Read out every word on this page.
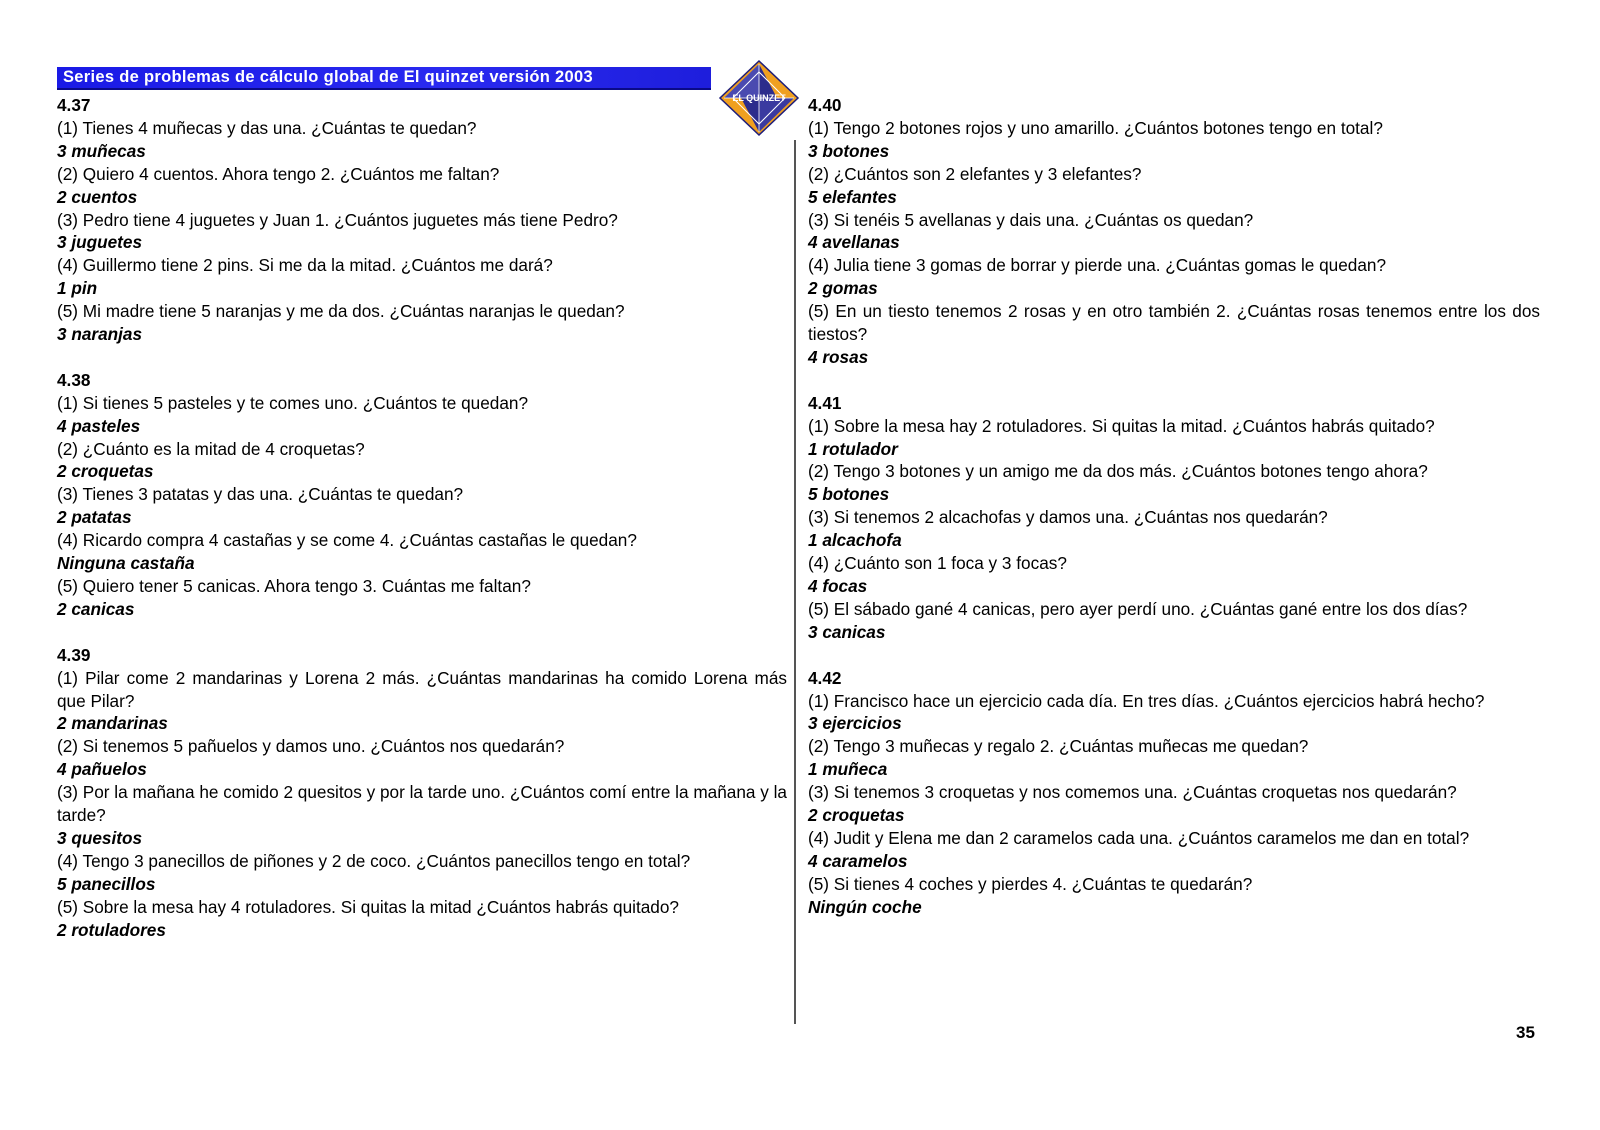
Series de problemas de cálculo global de El quinzet versión 2003
EL QUINZET
4.37
(1) Tienes 4 muñecas y das una. ¿Cuántas te quedan?
3 muñecas
(2) Quiero 4 cuentos. Ahora tengo 2. ¿Cuántos me faltan?
2 cuentos
(3) Pedro tiene 4 juguetes y Juan 1. ¿Cuántos juguetes más tiene Pedro?
3 juguetes
(4) Guillermo tiene 2 pins. Si me da la mitad. ¿Cuántos me dará?
1 pin
(5) Mi madre tiene 5 naranjas y me da dos. ¿Cuántas naranjas le quedan?
3 naranjas
4.38
(1) Si tienes 5 pasteles y te comes uno. ¿Cuántos te quedan?
4 pasteles
(2) ¿Cuánto es la mitad de 4 croquetas?
2 croquetas
(3) Tienes 3 patatas y das una. ¿Cuántas te quedan?
2 patatas
(4) Ricardo compra 4 castañas y se come 4. ¿Cuántas castañas le quedan?
Ninguna castaña
(5) Quiero tener 5 canicas. Ahora tengo 3. Cuántas me faltan?
2 canicas
4.39
(1) Pilar come 2 mandarinas y Lorena 2 más. ¿Cuántas mandarinas ha comido Lorena más que Pilar?
2 mandarinas
(2) Si tenemos 5 pañuelos y damos uno. ¿Cuántos nos quedarán?
4 pañuelos
(3) Por la mañana he comido 2 quesitos y por la tarde uno. ¿Cuántos comí entre la mañana y la tarde?
3 quesitos
(4) Tengo 3 panecillos de piñones y 2 de coco. ¿Cuántos panecillos tengo en total?
5 panecillos
(5) Sobre la mesa hay 4 rotuladores. Si quitas la mitad ¿Cuántos habrás quitado?
2 rotuladores
4.40
(1) Tengo 2 botones rojos y uno amarillo. ¿Cuántos botones tengo en total?
3 botones
(2) ¿Cuántos son 2 elefantes y 3 elefantes?
5 elefantes
(3) Si tenéis 5 avellanas y dais una. ¿Cuántas os quedan?
4 avellanas
(4) Julia tiene 3 gomas de borrar y pierde una. ¿Cuántas gomas le quedan?
2 gomas
(5) En un tiesto tenemos 2 rosas y en otro también 2. ¿Cuántas rosas tenemos entre los dos tiestos?
4 rosas
4.41
(1) Sobre la mesa hay 2 rotuladores. Si quitas la mitad. ¿Cuántos habrás quitado?
1 rotulador
(2) Tengo 3 botones y un amigo me da dos más. ¿Cuántos botones tengo ahora?
5 botones
(3) Si tenemos 2 alcachofas y damos una. ¿Cuántas nos quedarán?
1 alcachofa
(4) ¿Cuánto son 1 foca y 3 focas?
4 focas
(5) El sábado gané 4 canicas, pero ayer perdí uno. ¿Cuántas gané entre los dos días?
3 canicas
4.42
(1) Francisco hace un ejercicio cada día. En tres días. ¿Cuántos ejercicios habrá hecho?
3 ejercicios
(2) Tengo 3 muñecas y regalo 2. ¿Cuántas muñecas me quedan?
1 muñeca
(3) Si tenemos 3 croquetas y nos comemos una. ¿Cuántas croquetas nos quedarán?
2 croquetas
(4) Judit y Elena me dan 2 caramelos cada una. ¿Cuántos caramelos me dan en total?
4 caramelos
(5) Si tienes 4 coches y pierdes 4. ¿Cuántas te quedarán?
Ningún coche
35
